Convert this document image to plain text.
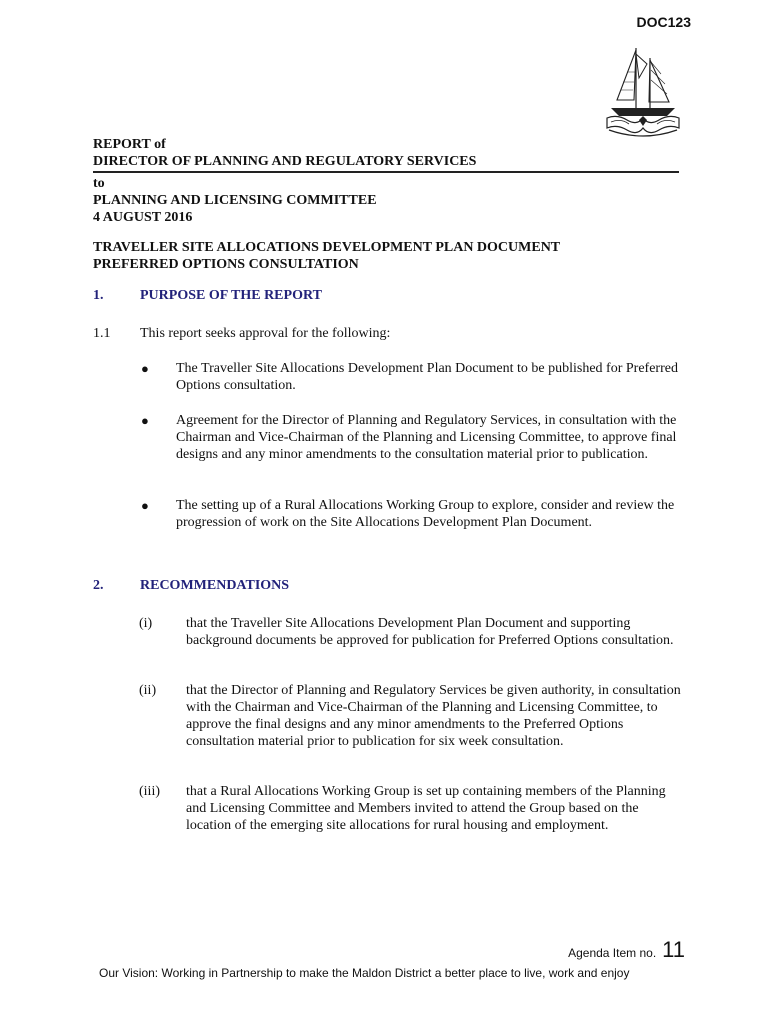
DOC123
REPORT of
DIRECTOR OF PLANNING AND REGULATORY SERVICES
to
PLANNING AND LICENSING COMMITTEE
4 AUGUST 2016
TRAVELLER SITE ALLOCATIONS DEVELOPMENT PLAN DOCUMENT
PREFERRED OPTIONS CONSULTATION
1.	PURPOSE OF THE REPORT
1.1 This report seeks approval for the following:
● The Traveller Site Allocations Development Plan Document to be published for Preferred Options consultation.
● Agreement for the Director of Planning and Regulatory Services, in consultation with the Chairman and Vice-Chairman of the Planning and Licensing Committee, to approve final designs and any minor amendments to the consultation material prior to publication.
● The setting up of a Rural Allocations Working Group to explore, consider and review the progression of work on the Site Allocations Development Plan Document.
2.	RECOMMENDATIONS
(i) that the Traveller Site Allocations Development Plan Document and supporting background documents be approved for publication for Preferred Options consultation.
(ii) that the Director of Planning and Regulatory Services be given authority, in consultation with the Chairman and Vice-Chairman of the Planning and Licensing Committee, to approve the final designs and any minor amendments to the Preferred Options consultation material prior to publication for six week consultation.
(iii) that a Rural Allocations Working Group is set up containing members of the Planning and Licensing Committee and Members invited to attend the Group based on the location of the emerging site allocations for rural housing and employment.
Agenda Item no. 11
Our Vision: Working in Partnership to make the Maldon District a better place to live, work and enjoy
